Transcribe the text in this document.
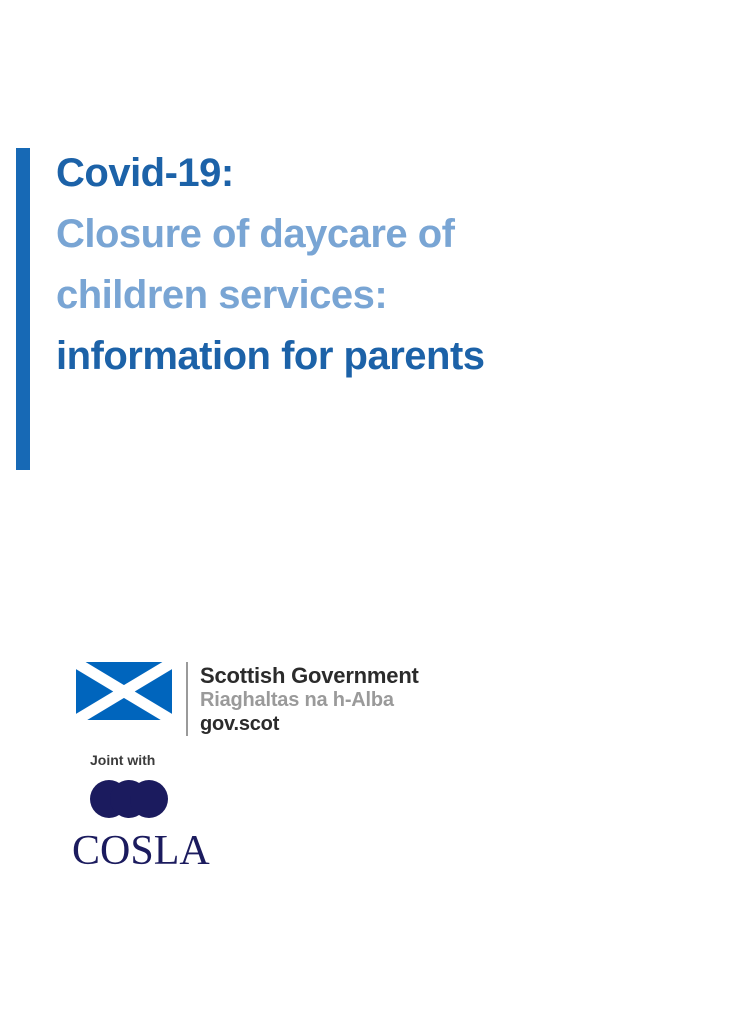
Covid-19:
Closure of daycare of
children services:
information for parents
Scottish Government
Riaghaltas na h-Alba
gov.scot
Joint with
COSLA
